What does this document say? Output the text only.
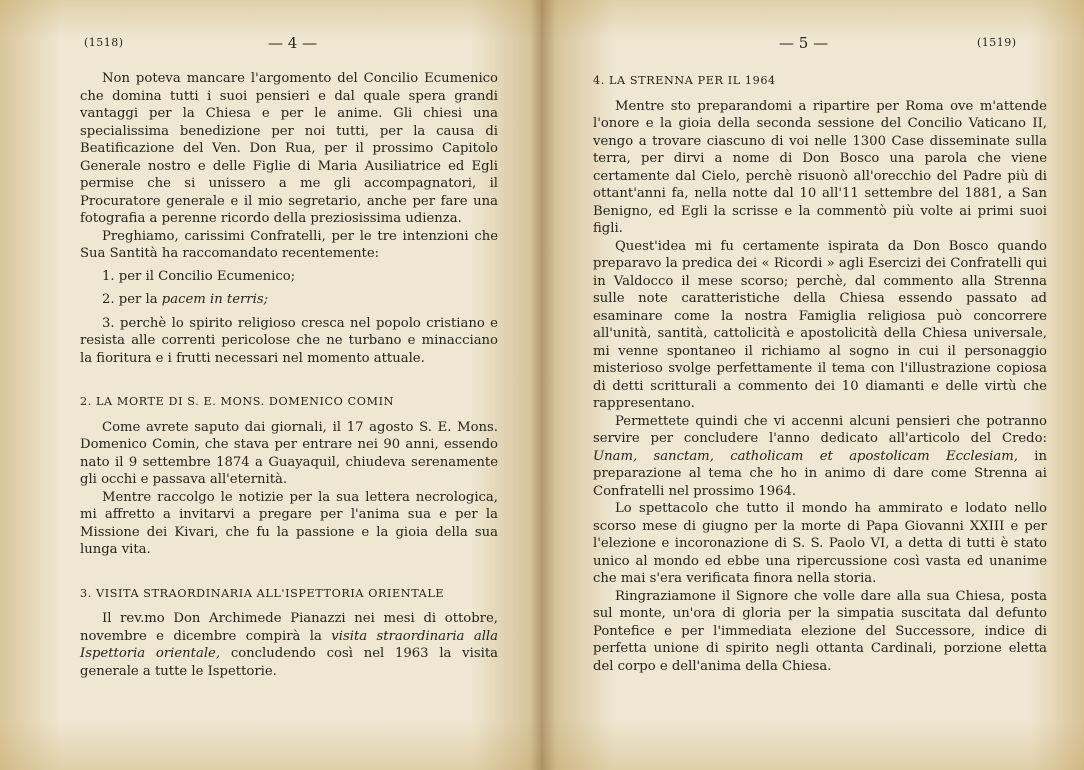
(1518)	— 4 —

Non poteva mancare l'argomento del Concilio Ecumenico che domina tutti i suoi pensieri e dal quale spera grandi vantaggi per la Chiesa e per le anime. Gli chiesi una specialissima benedizione per noi tutti, per la causa di Beatificazione del Ven. Don Rua, per il prossimo Capitolo Generale nostro e delle Figlie di Maria Ausiliatrice ed Egli permise che si unissero a me gli accompagnatori, il Procuratore generale e il mio segretario, anche per fare una fotografia a perenne ricordo della preziosissima udienza.

Preghiamo, carissimi Confratelli, per le tre intenzioni che Sua Santità ha raccomandato recentemente:

1. per il Concilio Ecumenico;

2. per la pacem in terris;

3. perchè lo spirito religioso cresca nel popolo cristiano e resista alle correnti pericolose che ne turbano e minacciano la fioritura e i frutti necessari nel momento attuale.

2. LA MORTE DI S. E. MONS. DOMENICO COMIN

Come avrete saputo dai giornali, il 17 agosto S. E. Mons. Domenico Comin, che stava per entrare nei 90 anni, essendo nato il 9 settembre 1874 a Guayaquil, chiudeva serenamente gli occhi e passava all'eternità.

Mentre raccolgo le notizie per la sua lettera necrologica, mi affretto a invitarvi a pregare per l'anima sua e per la Missione dei Kivari, che fu la passione e la gioia della sua lunga vita.

3. VISITA STRAORDINARIA ALL'ISPETTORIA ORIENTALE

Il rev.mo Don Archimede Pianazzi nei mesi di ottobre, novembre e dicembre compirà la visita straordinaria alla Ispettoria orientale, concludendo così nel 1963 la visita generale a tutte le Ispettorie.

— 5 —	(1519)
4. LA STRENNA PER IL 1964

Mentre sto preparandomi a ripartire per Roma ove m'attende l'onore e la gioia della seconda sessione del Concilio Vaticano II, vengo a trovare ciascuno di voi nelle 1300 Case disseminate sulla terra, per dirvi a nome di Don Bosco una parola che viene certamente dal Cielo, perchè risuonò all'orecchio del Padre più di ottant'anni fa, nella notte dal 10 all'11 settembre del 1881, a San Benigno, ed Egli la scrisse e la commentò più volte ai primi suoi figli.

Quest'idea mi fu certamente ispirata da Don Bosco quando preparavo la predica dei « Ricordi » agli Esercizi dei Confratelli qui in Valdocco il mese scorso; perchè, dal commento alla Strenna sulle note caratteristiche della Chiesa essendo passato ad esaminare come la nostra Famiglia religiosa può concorrere all'unità, santità, cattolicità e apostolicità della Chiesa universale, mi venne spontaneo il richiamo al sogno in cui il personaggio misterioso svolge perfettamente il tema con l'illustrazione copiosa di detti scritturali a commento dei 10 diamanti e delle virtù che rappresentano.

Permettete quindi che vi accenni alcuni pensieri che potranno servire per concludere l'anno dedicato all'articolo del Credo: Unam, sanctam, catholicam et apostolicam Ecclesiam, in preparazione al tema che ho in animo di dare come Strenna ai Confratelli nel prossimo 1964.

Lo spettacolo che tutto il mondo ha ammirato e lodato nello scorso mese di giugno per la morte di Papa Giovanni XXIII e per l'elezione e incoronazione di S. S. Paolo VI, a detta di tutti è stato unico al mondo ed ebbe una ripercussione così vasta ed unanime che mai s'era verificata finora nella storia.

Ringraziamone il Signore che volle dare alla sua Chiesa, posta sul monte, un'ora di gloria per la simpatia suscitata dal defunto Pontefice e per l'immediata elezione del Successore, indice di perfetta unione di spirito negli ottanta Cardinali, porzione eletta del corpo e dell'anima della Chiesa.
